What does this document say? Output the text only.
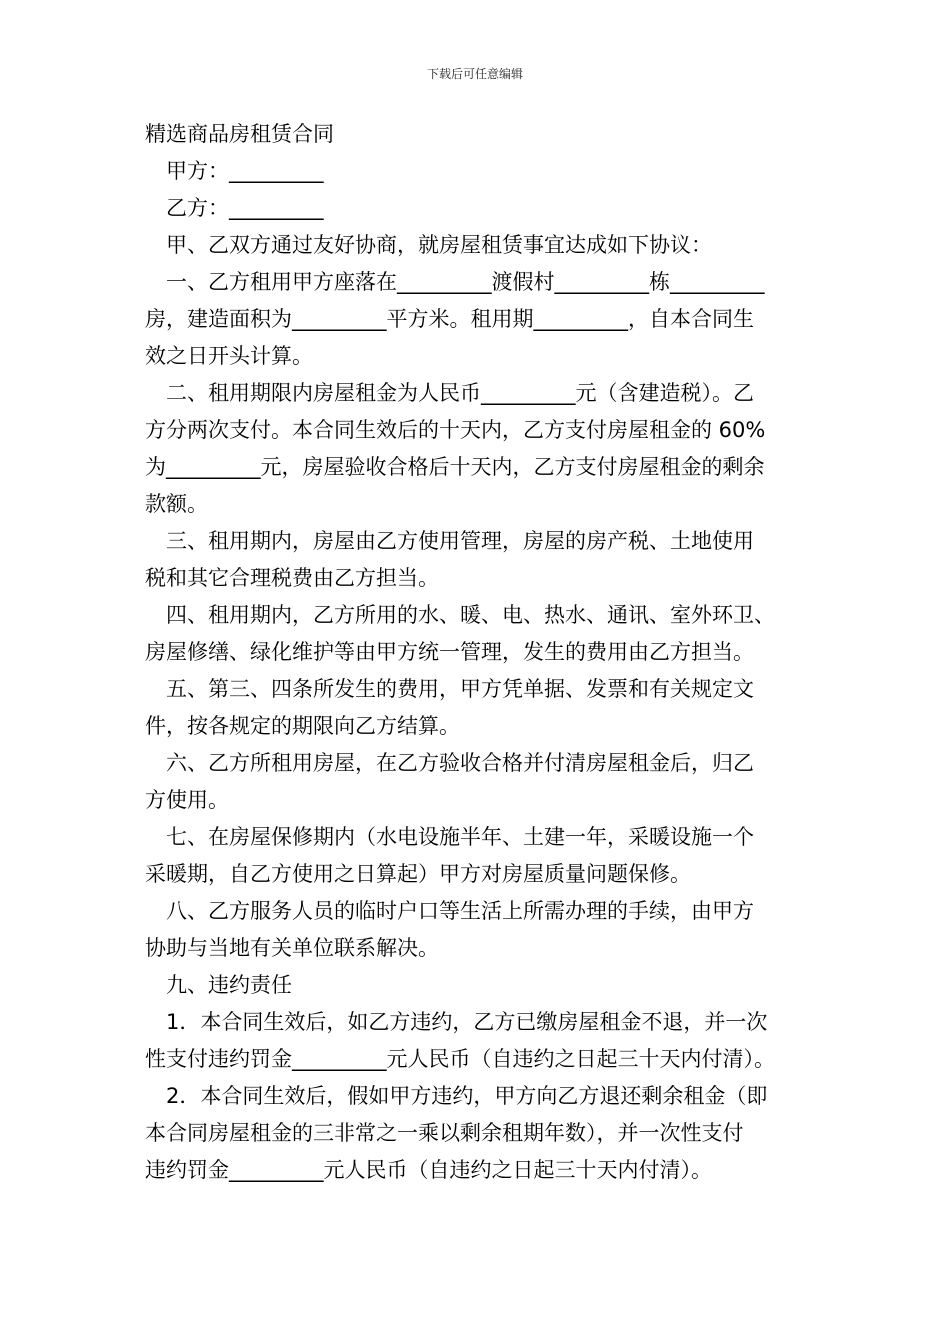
下载后可任意编辑

精选商品房租赁合同

甲方：_________

乙方：_________

甲、乙双方通过友好协商，就房屋租赁事宜达成如下协议：

一、乙方租用甲方座落在_________渡假村_________栋_________

房，建造面积为_________平方米。租用期_________，自本合同生

效之日开头计算。

二、租用期限内房屋租金为人民币_________元（含建造税）。乙

方分两次支付。本合同生效后的十天内，乙方支付房屋租金的 60%

为_________元，房屋验收合格后十天内，乙方支付房屋租金的剩余

款额。

三、租用期内，房屋由乙方使用管理，房屋的房产税、土地使用

税和其它合理税费由乙方担当。

四、租用期内，乙方所用的水、暖、电、热水、通讯、室外环卫、

房屋修缮、绿化维护等由甲方统一管理，发生的费用由乙方担当。

五、第三、四条所发生的费用，甲方凭单据、发票和有关规定文

件，按各规定的期限向乙方结算。

六、乙方所租用房屋，在乙方验收合格并付清房屋租金后，归乙

方使用。

七、在房屋保修期内（水电设施半年、土建一年，采暖设施一个

采暖期，自乙方使用之日算起）甲方对房屋质量问题保修。

八、乙方服务人员的临时户口等生活上所需办理的手续，由甲方

协助与当地有关单位联系解决。

九、违约责任

1．本合同生效后，如乙方违约，乙方已缴房屋租金不退，并一次

性支付违约罚金_________元人民币（自违约之日起三十天内付清）。

2．本合同生效后，假如甲方违约，甲方向乙方退还剩余租金（即

本合同房屋租金的三非常之一乘以剩余租期年数），并一次性支付

违约罚金_________元人民币（自违约之日起三十天内付清）。
